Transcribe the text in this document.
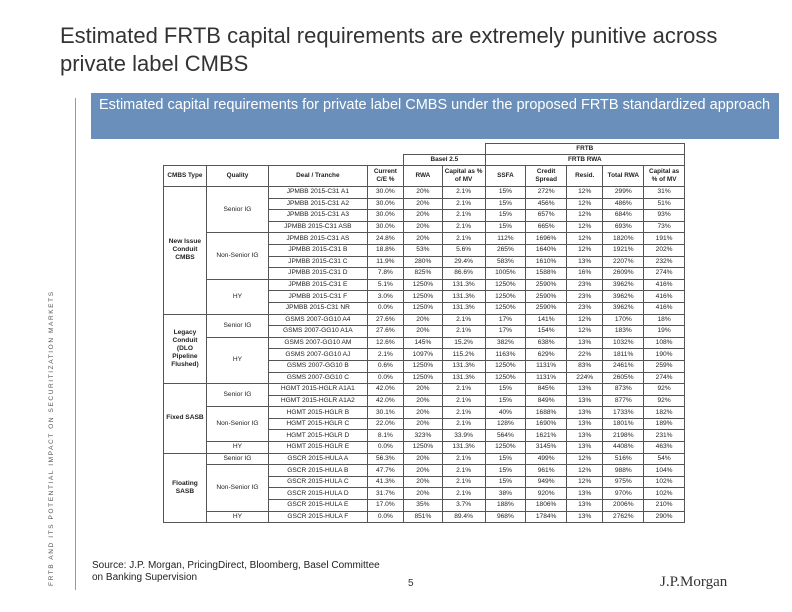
Estimated FRTB capital requirements are extremely punitive across private label CMBS
FRTB AND ITS POTENTIAL IMPACT ON SECURITIZATION MARKETS
Estimated capital requirements for private label CMBS under the proposed FRTB standardized approach
						FRTB				
				Basel 2.5		FRTB RWA				
CMBS Type	Quality	Deal / Tranche	Current C/E %	RWA	Capital as % of MV	SSFA	Credit Spread	Resid.	Total RWA	Capital as % of MV
New Issue Conduit CMBS	Senior IG	JPMBB 2015-C31 A1	30.0%	20%	2.1%	15%	272%	12%	299%	31%
		JPMBB 2015-C31 A2	30.0%	20%	2.1%	15%	456%	12%	486%	51%
		JPMBB 2015-C31 A3	30.0%	20%	2.1%	15%	657%	12%	684%	93%
		JPMBB 2015-C31 ASB	30.0%	20%	2.1%	15%	665%	12%	693%	73%
	Non-Senior IG	JPMBB 2015-C31 AS	24.8%	20%	2.1%	112%	1696%	12%	1820%	191%
		JPMBB 2015-C31 B	18.8%	53%	5.6%	265%	1640%	12%	1921%	202%
		JPMBB 2015-C31 C	11.9%	280%	29.4%	583%	1610%	13%	2207%	232%
		JPMBB 2015-C31 D	7.8%	825%	86.6%	1005%	1588%	16%	2609%	274%
	HY	JPMBB 2015-C31 E	5.1%	1250%	131.3%	1250%	2590%	23%	3962%	416%
		JPMBB 2015-C31 F	3.0%	1250%	131.3%	1250%	2590%	23%	3962%	416%
		JPMBB 2015-C31 NR	0.0%	1250%	131.3%	1250%	2590%	23%	3962%	416%
Legacy Conduit (DLO Pipeline Flushed)	Senior IG	GSMS 2007-GG10 A4	27.6%	20%	2.1%	17%	141%	12%	170%	18%
		GSMS 2007-GG10 A1A	27.6%	20%	2.1%	17%	154%	12%	183%	19%
	HY	GSMS 2007-GG10 AM	12.6%	145%	15.2%	382%	638%	13%	1032%	108%
		GSMS 2007-GG10 AJ	2.1%	1097%	115.2%	1163%	629%	22%	1811%	190%
		GSMS 2007-GG10 B	0.6%	1250%	131.3%	1250%	1131%	83%	2461%	259%
		GSMS 2007-GG10 C	0.0%	1250%	131.3%	1250%	1131%	224%	2605%	274%
Fixed SASB	Senior IG	HGMT 2015-HGLR A1A1	42.0%	20%	2.1%	15%	845%	13%	873%	92%
		HGMT 2015-HGLR A1A2	42.0%	20%	2.1%	15%	849%	13%	877%	92%
	Non-Senior IG	HGMT 2015-HGLR B	30.1%	20%	2.1%	40%	1688%	13%	1733%	182%
		HGMT 2015-HGLR C	22.0%	20%	2.1%	128%	1690%	13%	1801%	189%
		HGMT 2015-HGLR D	8.1%	323%	33.9%	564%	1621%	13%	2198%	231%
	HY	HGMT 2015-HGLR E	0.0%	1250%	131.3%	1250%	3145%	13%	4408%	463%
Floating SASB	Senior IG	GSCR 2015-HULA A	56.3%	20%	2.1%	15%	499%	12%	516%	54%
	Non-Senior IG	GSCR 2015-HULA B	47.7%	20%	2.1%	15%	961%	12%	988%	104%
		GSCR 2015-HULA C	41.3%	20%	2.1%	15%	949%	12%	975%	102%
		GSCR 2015-HULA D	31.7%	20%	2.1%	38%	920%	13%	970%	102%
		GSCR 2015-HULA E	17.0%	35%	3.7%	188%	1806%	13%	2006%	210%
	HY	GSCR 2015-HULA F	0.0%	851%	89.4%	968%	1784%	13%	2762%	290%
Source: J.P. Morgan, PricingDirect, Bloomberg, Basel Committee on Banking Supervision
5	J.P.Morgan
